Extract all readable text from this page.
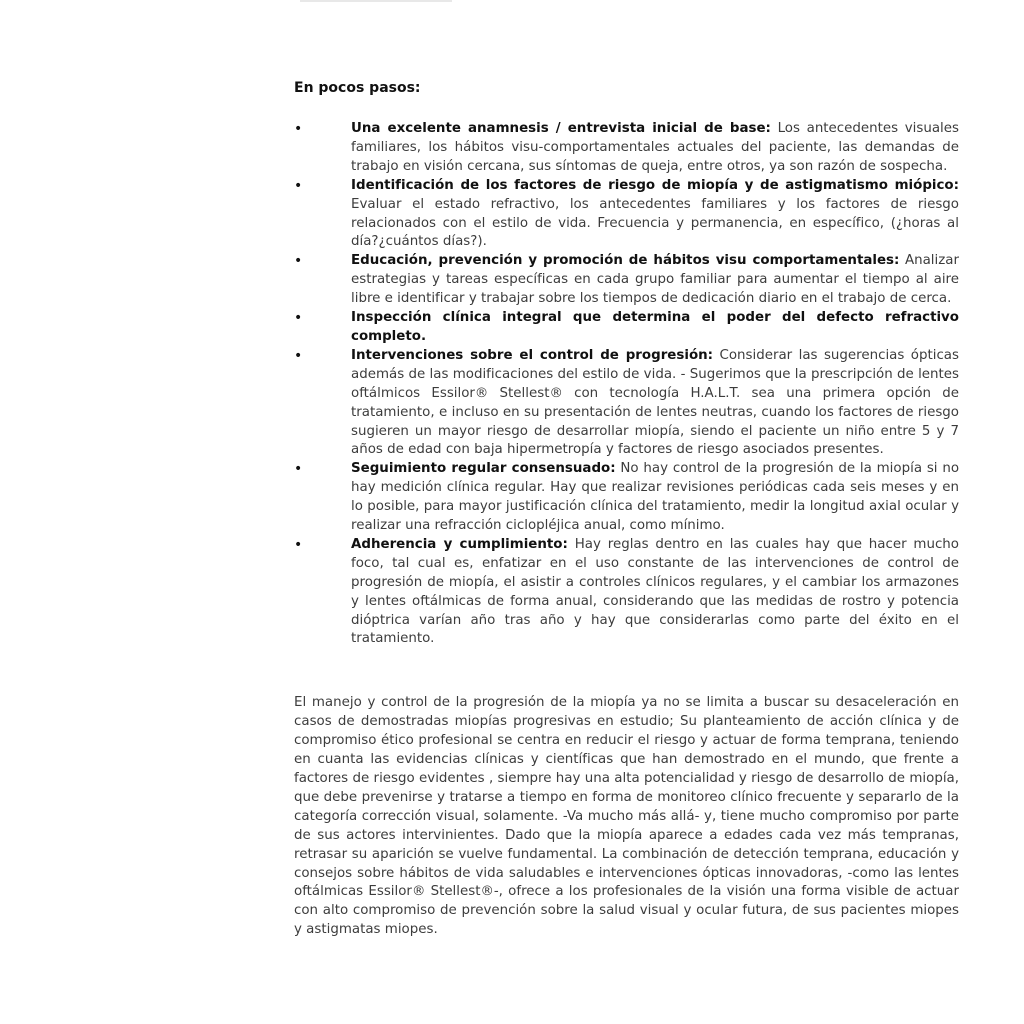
En pocos pasos:
•	Una excelente anamnesis / entrevista inicial de base: Los antecedentes visuales familiares, los hábitos visu-comportamentales actuales del paciente, las demandas de trabajo en visión cercana, sus síntomas de queja, entre otros, ya son razón de sospecha.
•	Identificación de los factores de riesgo de miopía y de astigmatismo miópico: Evaluar el estado refractivo, los antecedentes familiares y los factores de riesgo relacionados con el estilo de vida. Frecuencia y permanencia, en específico, (¿horas al día?¿cuántos días?).
•	Educación, prevención y promoción de hábitos visu comportamentales: Analizar estrategias y tareas específicas en cada grupo familiar para aumentar el tiempo al aire libre e identificar y trabajar sobre los tiempos de dedicación diario en el trabajo de cerca.
•	Inspección clínica integral que determina el poder del defecto refractivo completo.
•	Intervenciones sobre el control de progresión: Considerar las sugerencias ópticas además de las modificaciones del estilo de vida. - Sugerimos que la prescripción de lentes oftálmicos Essilor® Stellest® con tecnología H.A.L.T. sea una primera opción de tratamiento, e incluso en su presentación de lentes neutras, cuando los factores de riesgo sugieren un mayor riesgo de desarrollar miopía, siendo el paciente un niño entre 5 y 7 años de edad con baja hipermetropía y factores de riesgo asociados presentes.
•	Seguimiento regular consensuado: No hay control de la progresión de la miopía si no hay medición clínica regular. Hay que realizar revisiones periódicas cada seis meses y en lo posible, para mayor justificación clínica del tratamiento, medir la longitud axial ocular y realizar una refracción ciclopléjica anual, como mínimo.
•	Adherencia y cumplimiento: Hay reglas dentro en las cuales hay que hacer mucho foco, tal cual es, enfatizar en el uso constante de las intervenciones de control de progresión de miopía, el asistir a controles clínicos regulares, y el cambiar los armazones y lentes oftálmicas de forma anual, considerando que las medidas de rostro y potencia dióptrica varían año tras año y hay que considerarlas como parte del éxito en el tratamiento.

El manejo y control de la progresión de la miopía ya no se limita a buscar su desaceleración en casos de demostradas miopías progresivas en estudio; Su planteamiento de acción clínica y de compromiso ético profesional se centra en reducir el riesgo y actuar de forma temprana, teniendo en cuanta las evidencias clínicas y científicas que han demostrado en el mundo, que frente a factores de riesgo evidentes , siempre hay una alta potencialidad y riesgo de desarrollo de miopía, que debe prevenirse y tratarse a tiempo en forma de monitoreo clínico frecuente y separarlo de la categoría corrección visual, solamente. -Va mucho más allá- y, tiene mucho compromiso por parte de sus actores intervinientes. Dado que la miopía aparece a edades cada vez más tempranas, retrasar su aparición se vuelve fundamental. La combinación de detección temprana, educación y consejos sobre hábitos de vida saludables e intervenciones ópticas innovadoras, -como las lentes oftálmicas Essilor® Stellest®-, ofrece a los profesionales de la visión una forma visible de actuar con alto compromiso de prevención sobre la salud visual y ocular futura, de sus pacientes miopes y astigmatas miopes.
